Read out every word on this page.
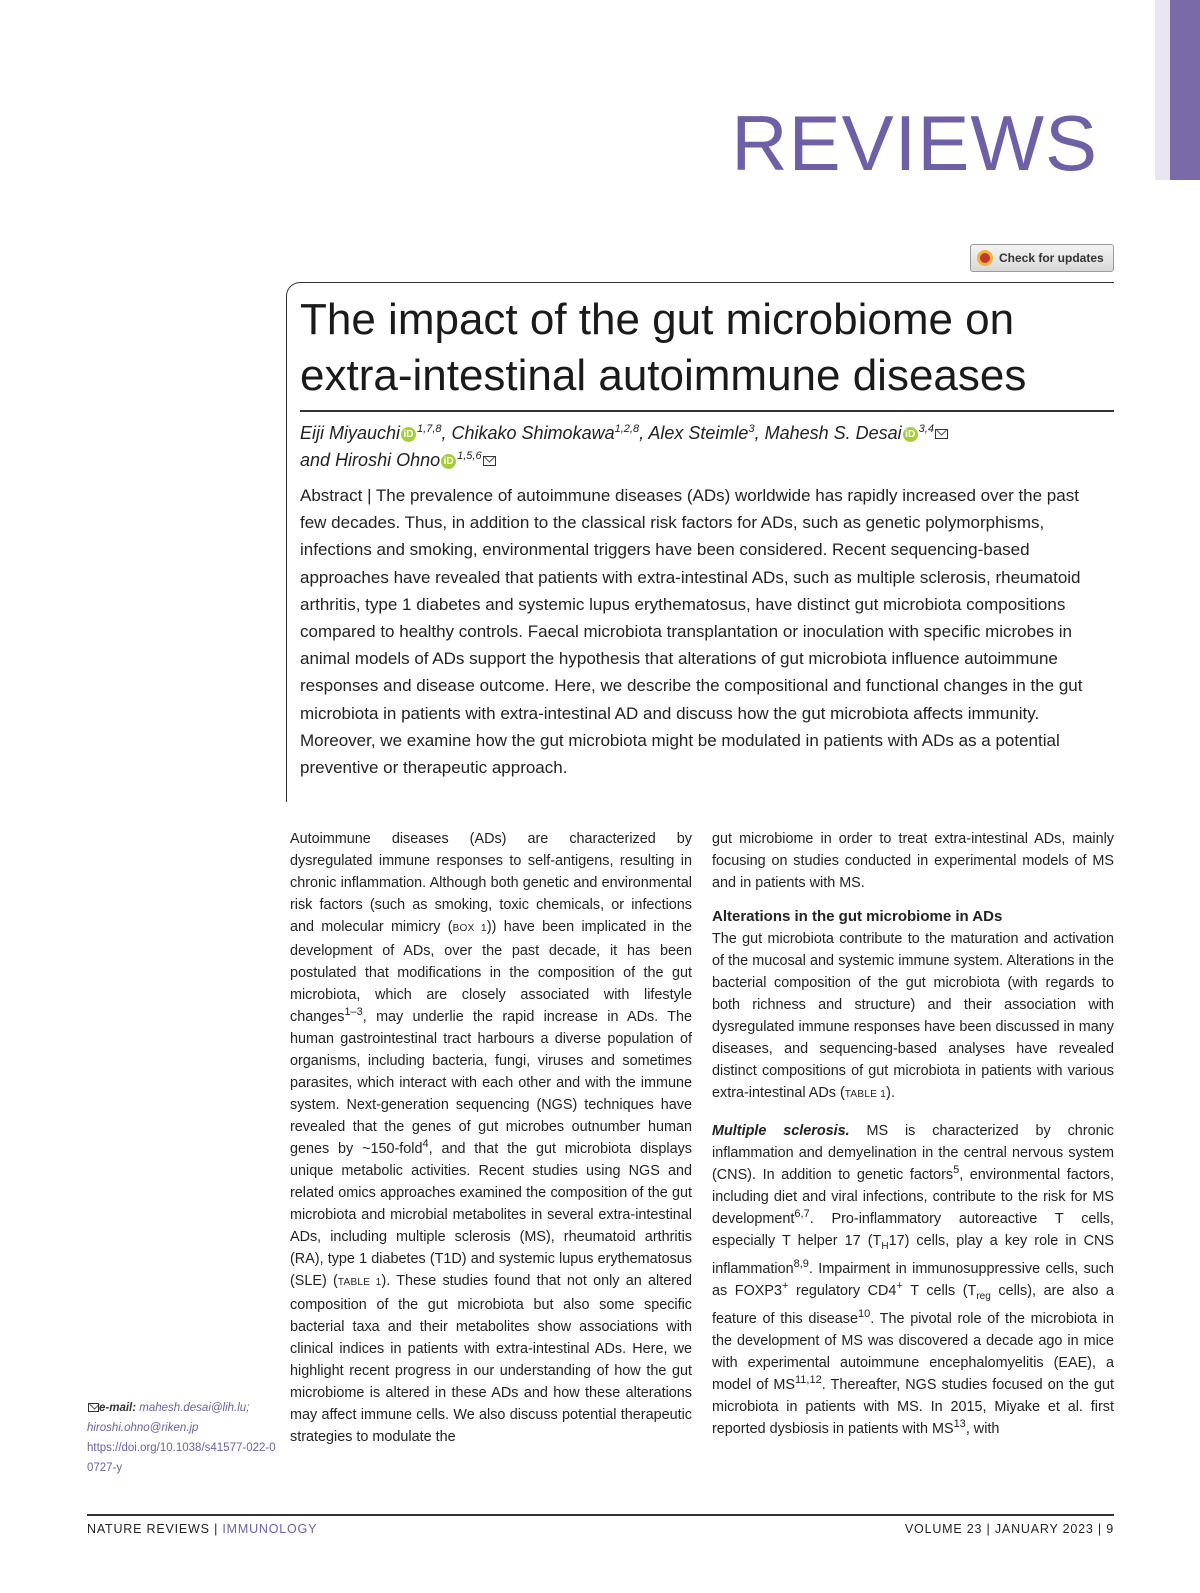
REVIEWS
Check for updates
The impact of the gut microbiome on extra-intestinal autoimmune diseases
Eiji Miyauchi iD $^{1,7,8}$, Chikako Shimokawa$^{1,2,8}$, Alex Steimle$^3$, Mahesh S. Desai iD $^{3,4}$
and Hiroshi Ohno iD $^{1,5,6}$
Abstract | The prevalence of autoimmune diseases (ADs) worldwide has rapidly increased over the past few decades. Thus, in addition to the classical risk factors for ADs, such as genetic polymorphisms, infections and smoking, environmental triggers have been considered. Recent sequencing-based approaches have revealed that patients with extra-intestinal ADs, such as multiple sclerosis, rheumatoid arthritis, type 1 diabetes and systemic lupus erythematosus, have distinct gut microbiota compositions compared to healthy controls. Faecal microbiota transplantation or inoculation with specific microbes in animal models of ADs support the hypothesis that alterations of gut microbiota influence autoimmune responses and disease outcome. Here, we describe the compositional and functional changes in the gut microbiota in patients with extra-intestinal AD and discuss how the gut microbiota affects immunity. Moreover, we examine how the gut microbiota might be modulated in patients with ADs as a potential preventive or therapeutic approach.

Autoimmune diseases (ADs) are characterized by dysregulated immune responses to self-antigens, resulting in chronic inflammation. Although both genetic and environmental risk factors (such as smoking, toxic chemicals, or infections and molecular mimicry (BOX 1)) have been implicated in the development of ADs, over the past decade, it has been postulated that modifications in the composition of the gut microbiota, which are closely associated with lifestyle changes$^{1-3}$, may underlie the rapid increase in ADs. The human gastrointestinal tract harbours a diverse population of organisms, including bacteria, fungi, viruses and sometimes parasites, which interact with each other and with the immune system. Next-generation sequencing (NGS) techniques have revealed that the genes of gut microbes outnumber human genes by ~150-fold$^4$, and that the gut microbiota displays unique metabolic activities. Recent studies using NGS and related omics approaches examined the composition of the gut microbiota and microbial metabolites in several extra-intestinal ADs, including multiple sclerosis (MS), rheumatoid arthritis (RA), type 1 diabetes (T1D) and systemic lupus erythematosus (SLE) (TABLE 1). These studies found that not only an altered composition of the gut microbiota but also some specific bacterial taxa and their metabolites show associations with clinical indices in patients with extra-intestinal ADs. Here, we highlight recent progress in our understanding of how the gut microbiome is altered in these ADs and how these alterations may affect immune cells. We also discuss potential therapeutic strategies to modulate the

gut microbiome in order to treat extra-intestinal ADs, mainly focusing on studies conducted in experimental models of MS and in patients with MS.

Alterations in the gut microbiome in ADs

The gut microbiota contribute to the maturation and activation of the mucosal and systemic immune system. Alterations in the bacterial composition of the gut microbiota (with regards to both richness and structure) and their association with dysregulated immune responses have been discussed in many diseases, and sequencing-based analyses have revealed distinct compositions of gut microbiota in patients with various extra-intestinal ADs (TABLE 1).

Multiple sclerosis. MS is characterized by chronic inflammation and demyelination in the central nervous system (CNS). In addition to genetic factors$^5$, environmental factors, including diet and viral infections, contribute to the risk for MS development$^{6,7}$. Pro-inflammatory autoreactive T cells, especially T helper 17 $(T_H17)$ cells, play a key role in CNS inflammation$^{8,9}$. Impairment in immunosuppressive cells, such as FOXP3+ regulatory CD4+ T cells ($T_{reg}$ cells), are also a feature of this disease$^{10}$. The pivotal role of the microbiota in the development of MS was discovered a decade ago in mice with experimental autoimmune encephalomyelitis (EAE), a model of MS$^{11,12}$. Thereafter, NGS studies focused on the gut microbiota in patients with MS. In 2015, Miyake et al. first reported dysbiosis in patients with MS$^{13}$, with

e-mail: mahesh.desai@lih.lu; hiroshi.ohno@riken.jp
https://doi.org/10.1038/s41577-022-00727-y
NATURE REVIEWS | IMMUNOLOGY	VOLUME 23 | JANUARY 2023 | 9
